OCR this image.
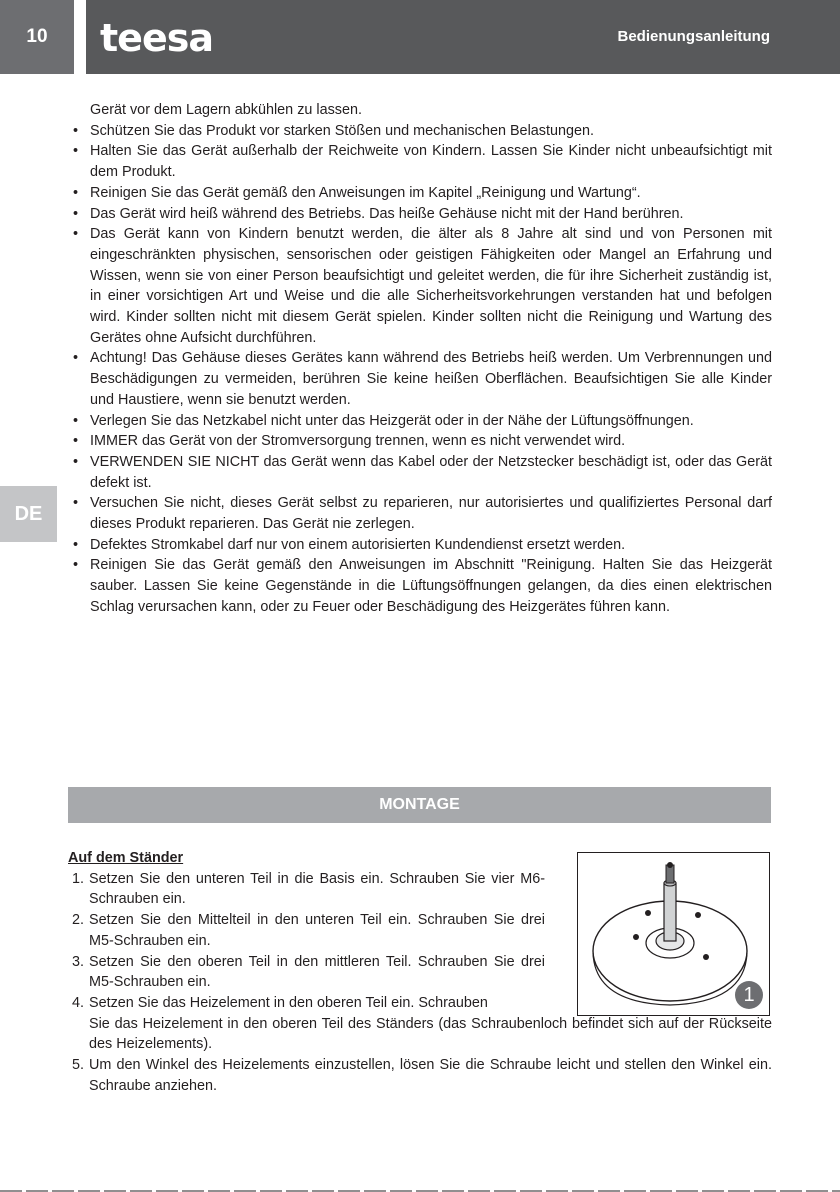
10	teesa	Bedienungsanleitung
DE
Gerät vor dem Lagern abkühlen zu lassen.
• Schützen Sie das Produkt vor starken Stößen und mechanischen Belastungen.
• Halten Sie das Gerät außerhalb der Reichweite von Kindern. Lassen Sie Kinder nicht unbeaufsichtigt mit dem Produkt.
• Reinigen Sie das Gerät gemäß den Anweisungen im Kapitel „Reinigung und Wartung“.
• Das Gerät wird heiß während des Betriebs. Das heiße Gehäuse nicht mit der Hand berühren.
• Das Gerät kann von Kindern benutzt werden, die älter als 8 Jahre alt sind und von Personen mit eingeschränkten physischen, sensorischen oder geistigen Fähigkeiten oder Mangel an Erfahrung und Wissen, wenn sie von einer Person beaufsichtigt und geleitet werden, die für ihre Sicherheit zuständig ist, in einer vorsichtigen Art und Weise und die alle Sicherheitsvorkehrungen verstanden hat und befolgen wird. Kinder sollten nicht mit diesem Gerät spielen. Kinder sollten nicht die Reinigung und Wartung des Gerätes ohne Aufsicht durchführen.
• Achtung! Das Gehäuse dieses Gerätes kann während des Betriebs heiß werden. Um Verbrennungen und Beschädigungen zu vermeiden, berühren Sie keine heißen Oberflächen. Beaufsichtigen Sie alle Kinder und Haustiere, wenn sie benutzt werden.
• Verlegen Sie das Netzkabel nicht unter das Heizgerät oder in der Nähe der Lüftungsöffnungen.
• IMMER das Gerät von der Stromversorgung trennen, wenn es nicht verwendet wird.
• VERWENDEN SIE NICHT das Gerät wenn das Kabel oder der Netzstecker beschädigt ist, oder das Gerät defekt ist.
• Versuchen Sie nicht, dieses Gerät selbst zu reparieren, nur autorisiertes und qualifiziertes Personal darf dieses Produkt reparieren. Das Gerät nie zerlegen.
• Defektes Stromkabel darf nur von einem autorisierten Kundendienst ersetzt werden.
• Reinigen Sie das Gerät gemäß den Anweisungen im Abschnitt "Reinigung. Halten Sie das Heizgerät sauber. Lassen Sie keine Gegenstände in die Lüftungsöffnungen gelangen, da dies einen elektrischen Schlag verursachen kann, oder zu Feuer oder Beschädigung des Heizgerätes führen kann.
MONTAGE
Auf dem Ständer
1. Setzen Sie den unteren Teil in die Basis ein. Schrauben Sie vier M6-Schrauben ein.
2. Setzen Sie den Mittelteil in den unteren Teil ein. Schrauben Sie drei M5-Schrauben ein.
3. Setzen Sie den oberen Teil in den mittleren Teil. Schrauben Sie drei M5-Schrauben ein.
4. Setzen Sie das Heizelement in den oberen Teil ein. Schrauben
Sie das Heizelement in den oberen Teil des Ständers (das Schraubenloch befindet sich auf der Rückseite des Heizelements).
5. Um den Winkel des Heizelements einzustellen, lösen Sie die Schraube leicht und stellen den Winkel ein. Schraube anziehen.
1
